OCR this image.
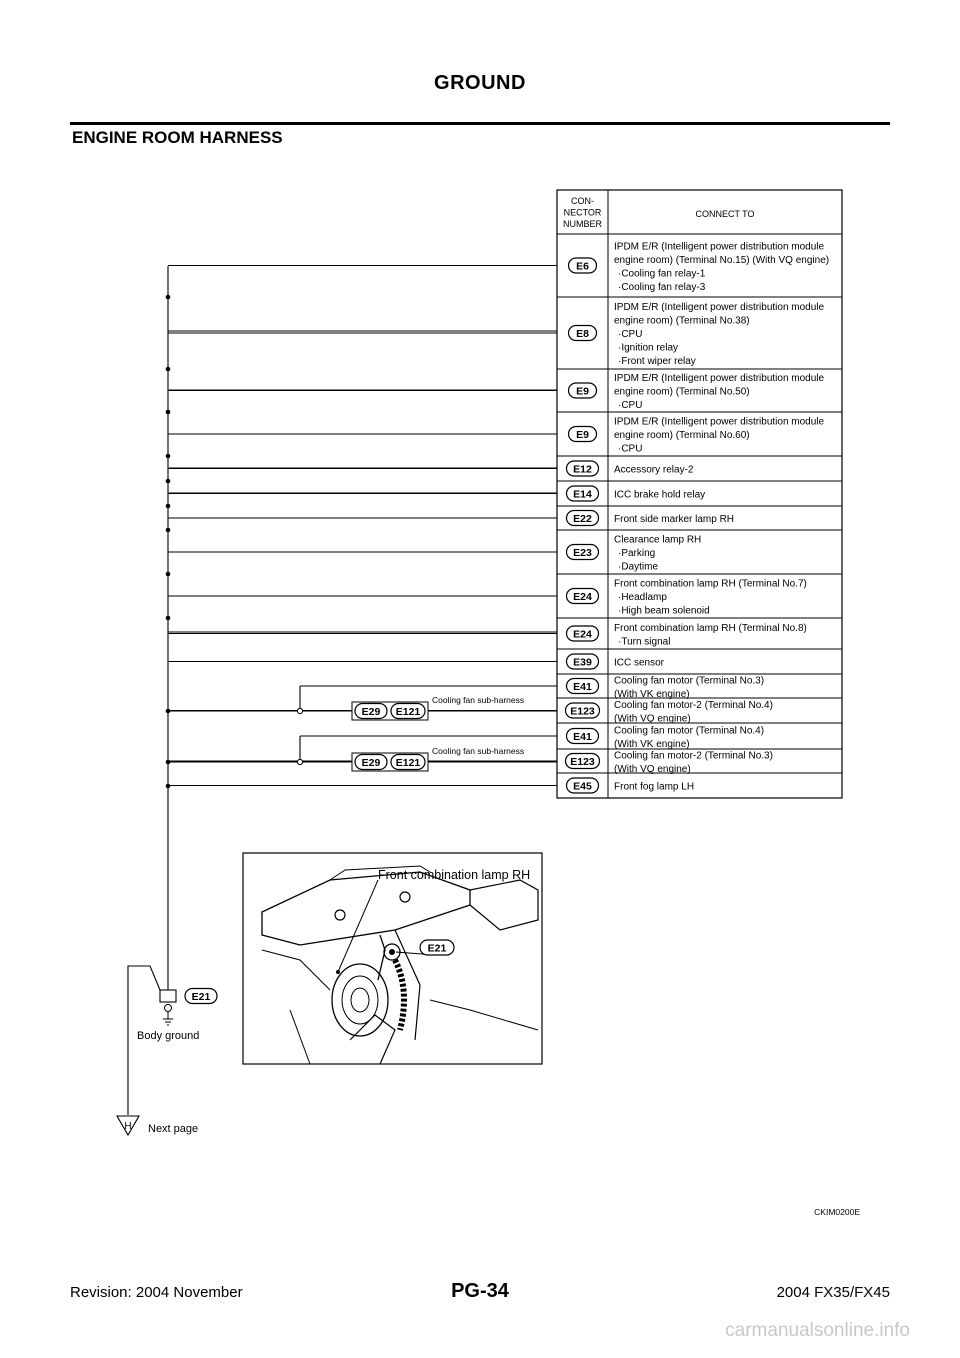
GROUND
ENGINE ROOM HARNESS
CON-
NECTOR
NUMBER
CONNECT TO
E6
IPDM E/R (Intelligent power distribution module
engine room) (Terminal No.15) (With VQ engine)
·Cooling fan relay-1
·Cooling fan relay-3
E8
IPDM E/R (Intelligent power distribution module
engine room) (Terminal No.38)
·CPU
·Ignition relay
·Front wiper relay
E9
IPDM E/R (Intelligent power distribution module
engine room) (Terminal No.50)
·CPU
E9
IPDM E/R (Intelligent power distribution module
engine room) (Terminal No.60)
·CPU
E12 Accessory relay-2
E14 ICC brake hold relay
E22 Front side marker lamp RH
E23
Clearance lamp RH
·Parking
·Daytime
E24
Front combination lamp RH (Terminal No.7)
·Headlamp
·High beam solenoid
E24
Front combination lamp RH (Terminal No.8)
·Turn signal
E39 ICC sensor
E41
Cooling fan motor (Terminal No.3)
(With VK engine)
E123
Cooling fan motor-2 (Terminal No.4)
(With VQ engine)
E41
Cooling fan motor (Terminal No.4)
(With VK engine)
E123
Cooling fan motor-2 (Terminal No.3)
(With VQ engine)
E45 Front fog lamp LH
E29 E121
Cooling fan sub-harness
E29 E121
Cooling fan sub-harness
E21
Body ground
H Next page
CKIM0200E
Front combination lamp RH
E21
Revision: 2004 November	PG-34	2004 FX35/FX45
carmanualsonline.info
